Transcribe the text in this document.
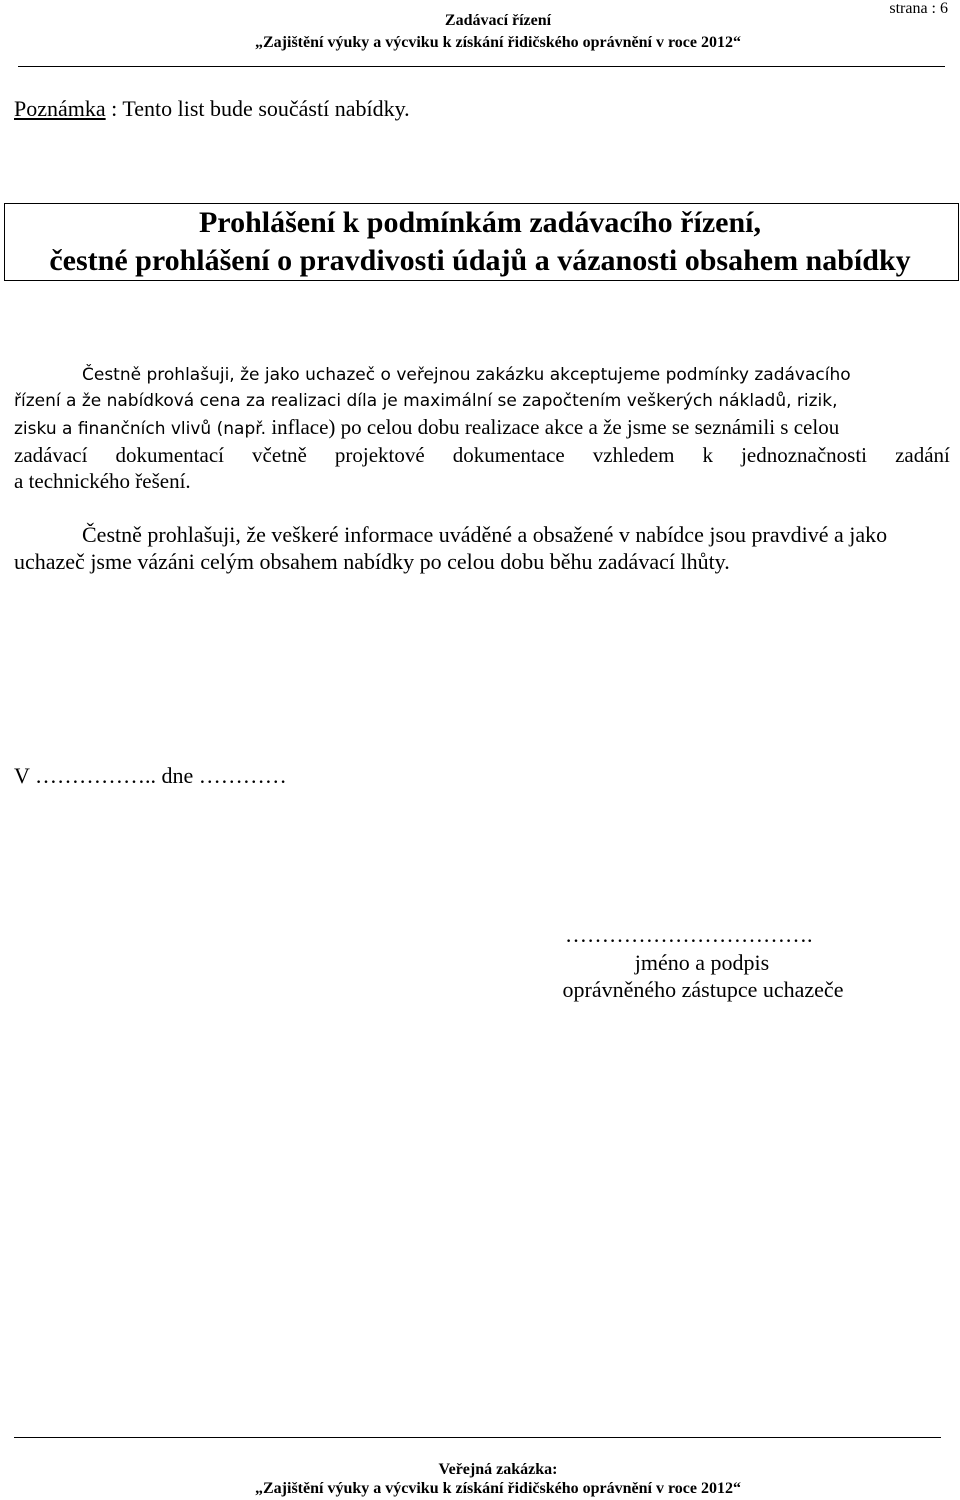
strana : 6
Zadávací řízení
„Zajištění výuky a výcviku k získání řidičského oprávnění v roce 2012“
Poznámka : Tento list bude součástí nabídky.
Prohlášení k podmínkám zadávacího řízení,
čestné prohlášení o pravdivosti údajů a vázanosti obsahem nabídky
Čestně prohlašuji, že jako uchazeč o veřejnou zakázku akceptujeme podmínky zadávacího
řízení a že nabídková cena za realizaci díla je maximální se započtením veškerých nákladů, rizik,
zisku a finančních vlivů (např. inflace) po celou dobu realizace akce a že jsme se seznámili s celou
zadávací dokumentací včetně projektové dokumentace vzhledem k jednoznačnosti zadání
a technického řešení.
Čestně prohlašuji, že veškeré informace uváděné a obsažené v nabídce jsou pravdivé a jako
uchazeč jsme vázáni celým obsahem nabídky po celou dobu běhu zadávací lhůty.
V …………….. dne …………
…………………………….
jméno a podpis
oprávněného zástupce uchazeče
Veřejná zakázka:
„Zajištění výuky a výcviku k získání řidičského oprávnění v roce 2012“
